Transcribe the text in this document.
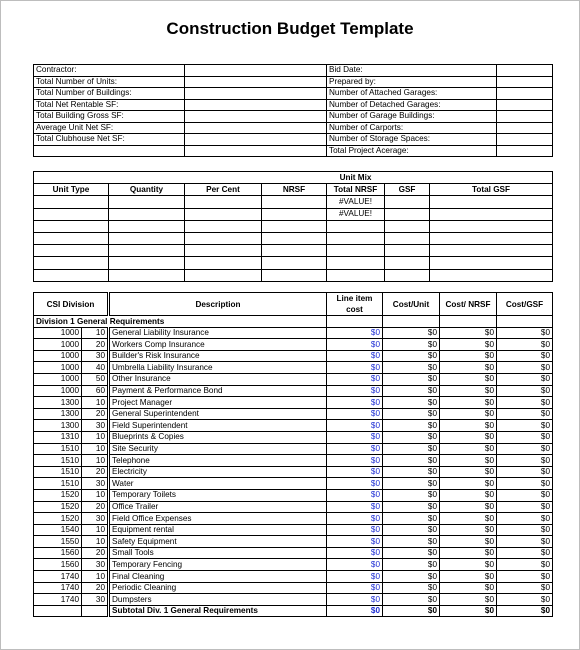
Construction Budget Template
Contractor:		Bid Date:	
Total Number of Units:		Prepared by:	
Total Number of Buildings:		Number of Attached Garages:	
Total Net Rentable SF:		Number of Detached Garages:	
Total Building Gross SF:		Number of Garage Buildings:	
Average Unit Net SF:		Number of Carports:	
Total Clubhouse Net SF:		Number of Storage Spaces:	
		Total Project Acerage:	
				Unit Mix		
Unit Type	Quantity	Per Cent	NRSF	Total NRSF	GSF	Total GSF
				#VALUE!		
				#VALUE!		

CSI Division		Description	Line item cost	Cost/Unit	Cost/ NRSF	Cost/GSF
Division 1 General Requirements						
1000	10	General Liability Insurance	$0	$0	$0	$0
1000	20	Workers Comp Insurance	$0	$0	$0	$0
1000	30	Builder's Risk Insurance	$0	$0	$0	$0
1000	40	Umbrella Liability Insurance	$0	$0	$0	$0
1000	50	Other Insurance	$0	$0	$0	$0
1000	60	Payment & Performance Bond	$0	$0	$0	$0
1300	10	Project Manager	$0	$0	$0	$0
1300	20	General Superintendent	$0	$0	$0	$0
1300	30	Field Superintendent	$0	$0	$0	$0
1310	10	Blueprints & Copies	$0	$0	$0	$0
1510	10	Site Security	$0	$0	$0	$0
1510	10	Telephone	$0	$0	$0	$0
1510	20	Electricity	$0	$0	$0	$0
1510	30	Water	$0	$0	$0	$0
1520	10	Temporary Toilets	$0	$0	$0	$0
1520	20	Office Trailer	$0	$0	$0	$0
1520	30	Field Office Expenses	$0	$0	$0	$0
1540	10	Equipment rental	$0	$0	$0	$0
1550	10	Safety Equipment	$0	$0	$0	$0
1560	20	Small Tools	$0	$0	$0	$0
1560	30	Temporary Fencing	$0	$0	$0	$0
1740	10	Final Cleaning	$0	$0	$0	$0
1740	20	Periodic Cleaning	$0	$0	$0	$0
1740	30	Dumpsters	$0	$0	$0	$0
		Subtotal Div. 1 General Requirements	$0	$0	$0	$0
